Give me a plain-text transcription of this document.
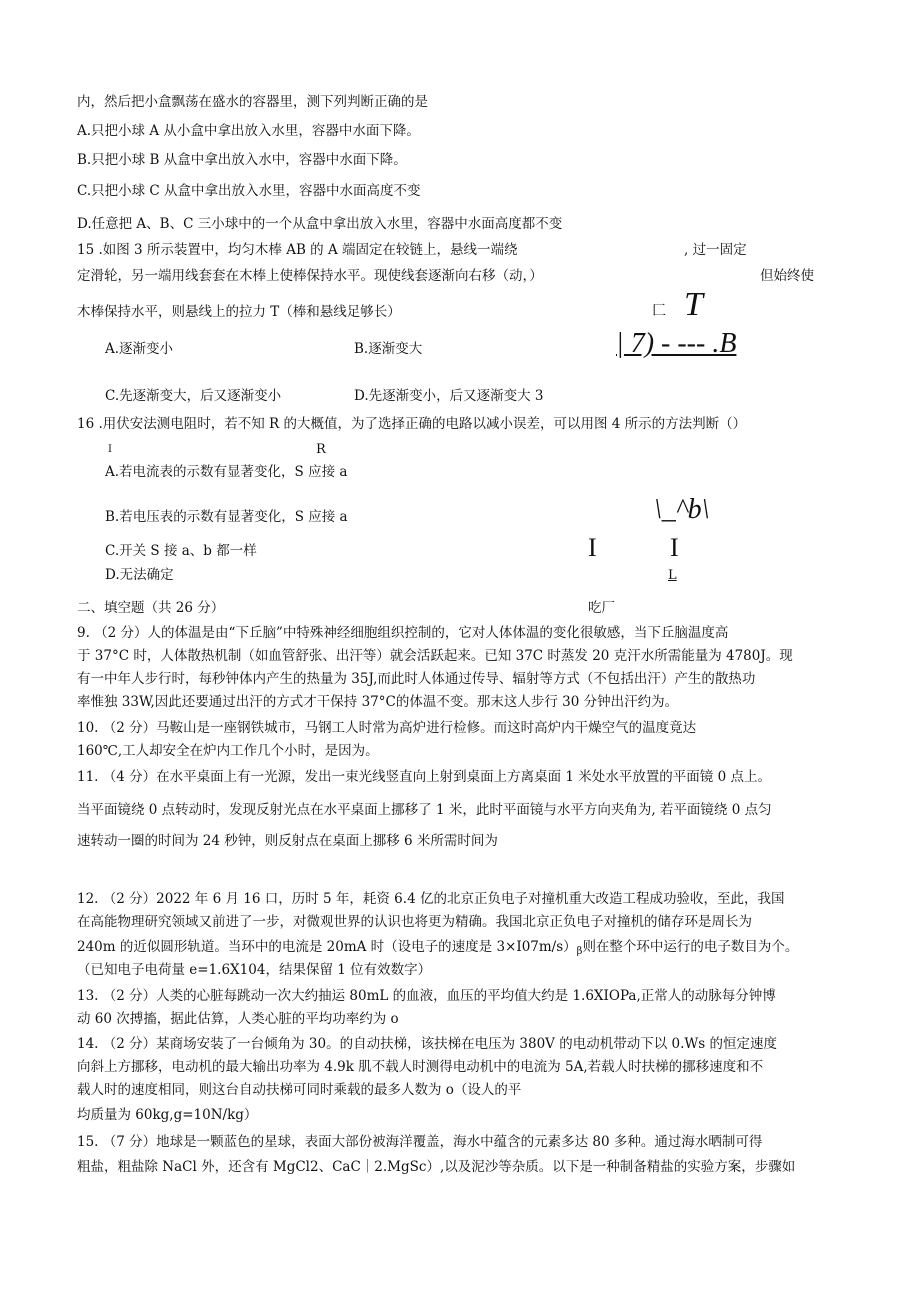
内，然后把小盒飘荡在盛水的容器里，测下列判断正确的是
A.只把小球 A 从小盒中拿出放入水里，容器中水面下降。
B.只把小球 B 从盒中拿出放入水中，容器中水面下降。
C.只把小球 C 从盒中拿出放入水里，容器中水面高度不变
D.任意把 A、B、C 三小球中的一个从盒中拿出放入水里，容器中水面高度都不变
15 .如图 3 所示装置中，均匀木棒 AB 的 A 端固定在较链上，悬线一端绕	, 过一固定
定滑轮，另一端用线套套在木棒上使棒保持水平。现使线套逐渐向右移（动，）	但始终使
木棒保持水平，则悬线上的拉力 T（棒和悬线足够长）	匚 T
| 7) - --- .B
A.逐渐变小	B.逐渐变大
C.先逐渐变大，后又逐渐变小	D.先逐渐变小，后又逐渐变大 3
16 .用伏安法测电阻时，若不知 R 的大概值，为了选择正确的电路以减小误差，可以用图 4 所示的方法判断（）
I	R
A.若电流表的示数有显著变化，S 应接 a
B.若电压表的示数有显著变化，S 应接 a	\_^b\
C.开关 S 接 a、b 都一样	I	I
D.无法确定	L
二、填空题（共 26 分）	吃厂
9. （2 分）人的体温是由“下丘脑”中特殊神经细胞组织控制的，它对人体体温的变化很敏感，当下丘脑温度高
于 37°C 时，人体散热机制（如血管舒张、出汗等）就会活跃起来。已知 37C 时蒸发 20 克汗水所需能量为 4780J。现
有一中年人步行时，每秒钟体内产生的热量为 35J,而此时人体通过传导、辐射等方式（不包括出汗）产生的散热功
率惟独 33W,因此还要通过出汗的方式才干保持 37°C的体温不变。那末这人步行 30 分钟出汗约为。
10. （2 分）马鞍山是一座钢铁城市，马钢工人时常为高炉进行检修。而这时高炉内干燥空气的温度竟达
160℃,工人却安全在炉内工作几个小时，是因为。
11. （4 分）在水平桌面上有一光源，发出一束光线竖直向上射到桌面上方离桌面 1 米处水平放置的平面镜 0 点上。
当平面镜绕 0 点转动时，发现反射光点在水平桌面上挪移了 1 米，此时平面镜与水平方向夹角为, 若平面镜绕 0 点匀
速转动一圈的时间为 24 秒钟，则反射点在桌面上挪移 6 米所需时间为
12. （2 分）2022 年 6 月 16 口，历时 5 年，耗资 6.4 亿的北京正负电子对撞机重大改造工程成功验收，至此，我国
在高能物理研究领域又前进了一步，对微观世界的认识也将更为精确。我国北京正负电子对撞机的储存环是周长为
240m 的近似圆形轨道。当环中的电流是 20mA 时（设电子的速度是 $3\times I07m/s)_\beta$则在整个环中运行的电子数目为个。
（已知电子电荷量 e=1.6X104，结果保留 1 位有效数字）
13. （2 分）人类的心脏每跳动一次大约抽运 80mL 的血液，血压的平均值大约是 1.6XIOPa,正常人的动脉每分钟博
动 60 次搏搐，据此估算，人类心脏的平均功率约为 o
14. （2 分）某商场安装了一台倾角为 30。的自动扶梯，该扶梯在电压为 380V 的电动机带动下以 0.Ws 的恒定速度
向斜上方挪移，电动机的最大输出功率为 4.9k 肌不载人时测得电动机中的电流为 5A,若载人时扶梯的挪移速度和不
载人时的速度相同，则这台自动扶梯可同时乘载的最多人数为 o（设人的平
均质量为 60kg,g=10N/kg）
15. （7 分）地球是一颗蓝色的星球，表面大部份被海洋覆盖，海水中蕴含的元素多达 80 多种。通过海水晒制可得
粗盐，粗盐除 NaCl 外，还含有 MgCl2、CaC｜2.MgSc）,以及泥沙等杂质。以下是一种制备精盐的实验方案，步骤如
